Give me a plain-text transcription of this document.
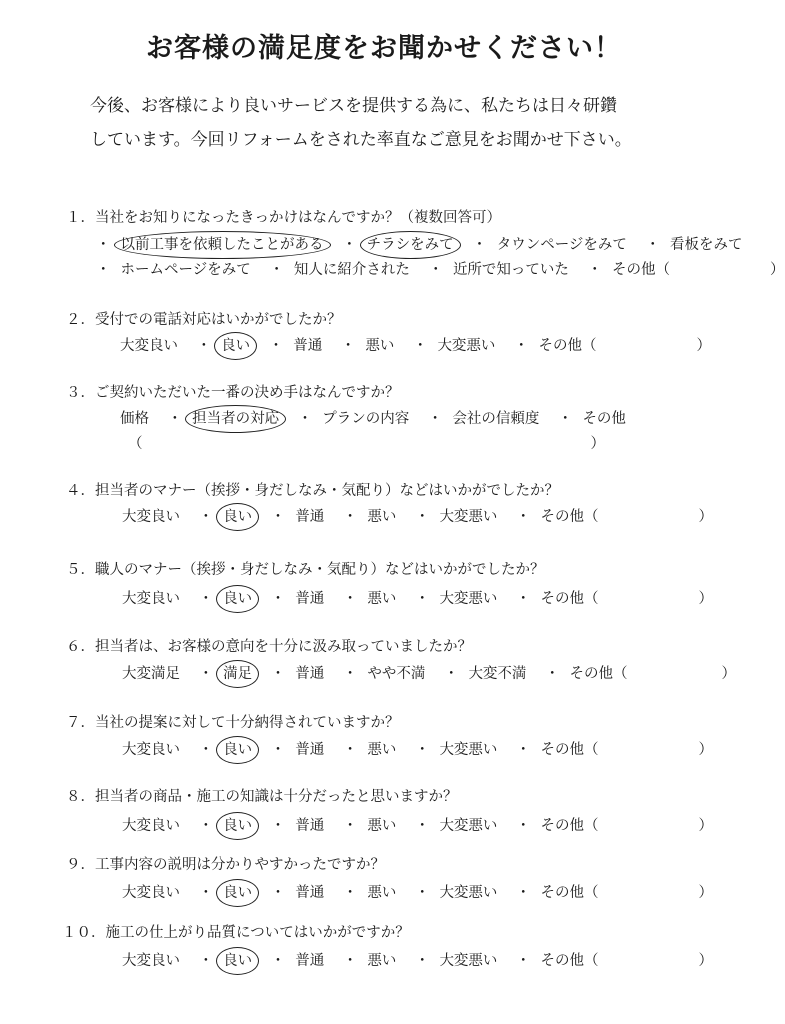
お客様の満足度をお聞かせください！
今後、お客様により良いサービスを提供する為に、私たちは日々研鑽
しています。今回リフォームをされた率直なご意見をお聞かせ下さい。
１．当社をお知りになったきっかけはなんですか？（複数回答可）
・ 以前工事を依頼したことがある ・ チラシをみて ・ タウンページをみて ・ 看板をみて
・ ホームページをみて ・ 知人に紹介された ・ 近所で知っていた ・ その他（	）
２．受付での電話対応はいかがでしたか？
大変良い ・ 良い ・ 普通 ・ 悪い ・ 大変悪い ・ その他（	）
３．ご契約いただいた一番の決め手はなんですか？
価格 ・ 担当者の対応 ・ プランの内容 ・ 会社の信頼度 ・ その他
（	）
４．担当者のマナー（挨拶・身だしなみ・気配り）などはいかがでしたか？
大変良い ・ 良い ・ 普通 ・ 悪い ・ 大変悪い ・ その他（	）
５．職人のマナー（挨拶・身だしなみ・気配り）などはいかがでしたか？
大変良い ・ 良い ・ 普通 ・ 悪い ・ 大変悪い ・ その他（	）
６．担当者は、お客様の意向を十分に汲み取っていましたか？
大変満足 ・ 満足 ・ 普通 ・ やや不満 ・ 大変不満 ・ その他（	）
７．当社の提案に対して十分納得されていますか？
大変良い ・ 良い ・ 普通 ・ 悪い ・ 大変悪い ・ その他（	）
８．担当者の商品・施工の知識は十分だったと思いますか？
大変良い ・ 良い ・ 普通 ・ 悪い ・ 大変悪い ・ その他（	）
９．工事内容の説明は分かりやすかったですか？
大変良い ・ 良い ・ 普通 ・ 悪い ・ 大変悪い ・ その他（	）
１０．施工の仕上がり品質についてはいかがですか？
大変良い ・ 良い ・ 普通 ・ 悪い ・ 大変悪い ・ その他（	）
